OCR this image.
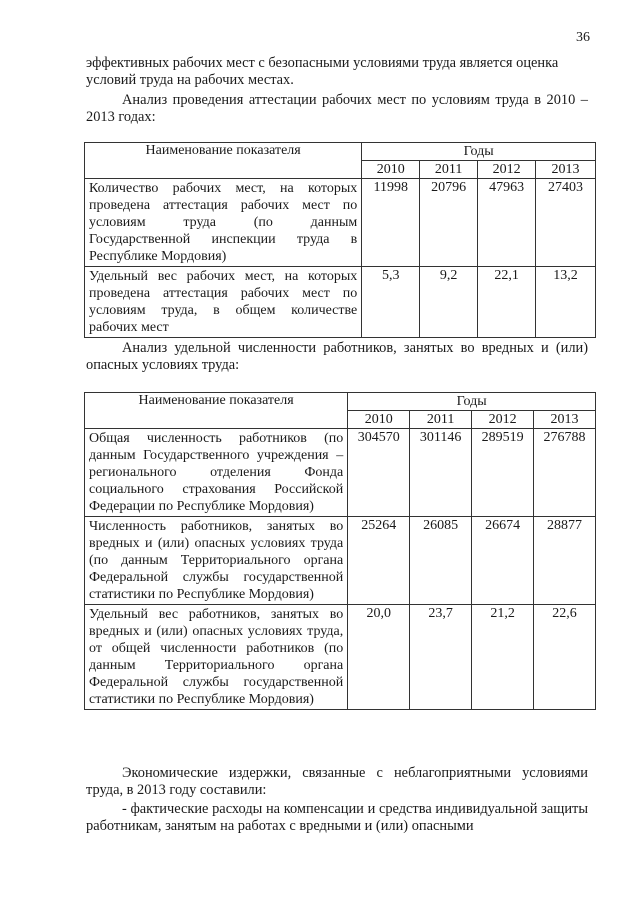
36

эффективных рабочих мест с безопасными условиями труда является оценка
условий труда на рабочих местах.

Анализ проведения аттестации рабочих мест по условиям труда в 2010 – 2013 годах:

Наименование показателя	Годы			
	2010	2011	2012	2013
Количество рабочих мест, на которых проведена аттестация рабочих мест по условиям труда (по данным Государственной инспекции труда в Республике Мордовия)	11998	20796	47963	27403
Удельный вес рабочих мест, на которых проведена аттестация рабочих мест по условиям труда, в общем количестве рабочих мест	5,3	9,2	22,1	13,2

Анализ удельной численности работников, занятых во вредных и (или) опасных условиях труда:

Наименование показателя	Годы			
	2010	2011	2012	2013
Общая численность работников (по данным Государственного учреждения – регионального отделения Фонда социального страхования Российской Федерации по Республике Мордовия)	304570	301146	289519	276788
Численность работников, занятых во вредных и (или) опасных условиях труда (по данным Территориального органа Федеральной службы государственной статистики по Республике Мордовия)	25264	26085	26674	28877
Удельный вес работников, занятых во вредных и (или) опасных условиях труда, от общей численности работников (по данным Территориального органа Федеральной службы государственной статистики по Республике Мордовия)	20,0	23,7	21,2	22,6

Экономические издержки, связанные с неблагоприятными условиями труда, в 2013 году составили:

- фактические расходы на компенсации и средства индивидуальной защиты работникам, занятым на работах с вредными и (или) опасными
